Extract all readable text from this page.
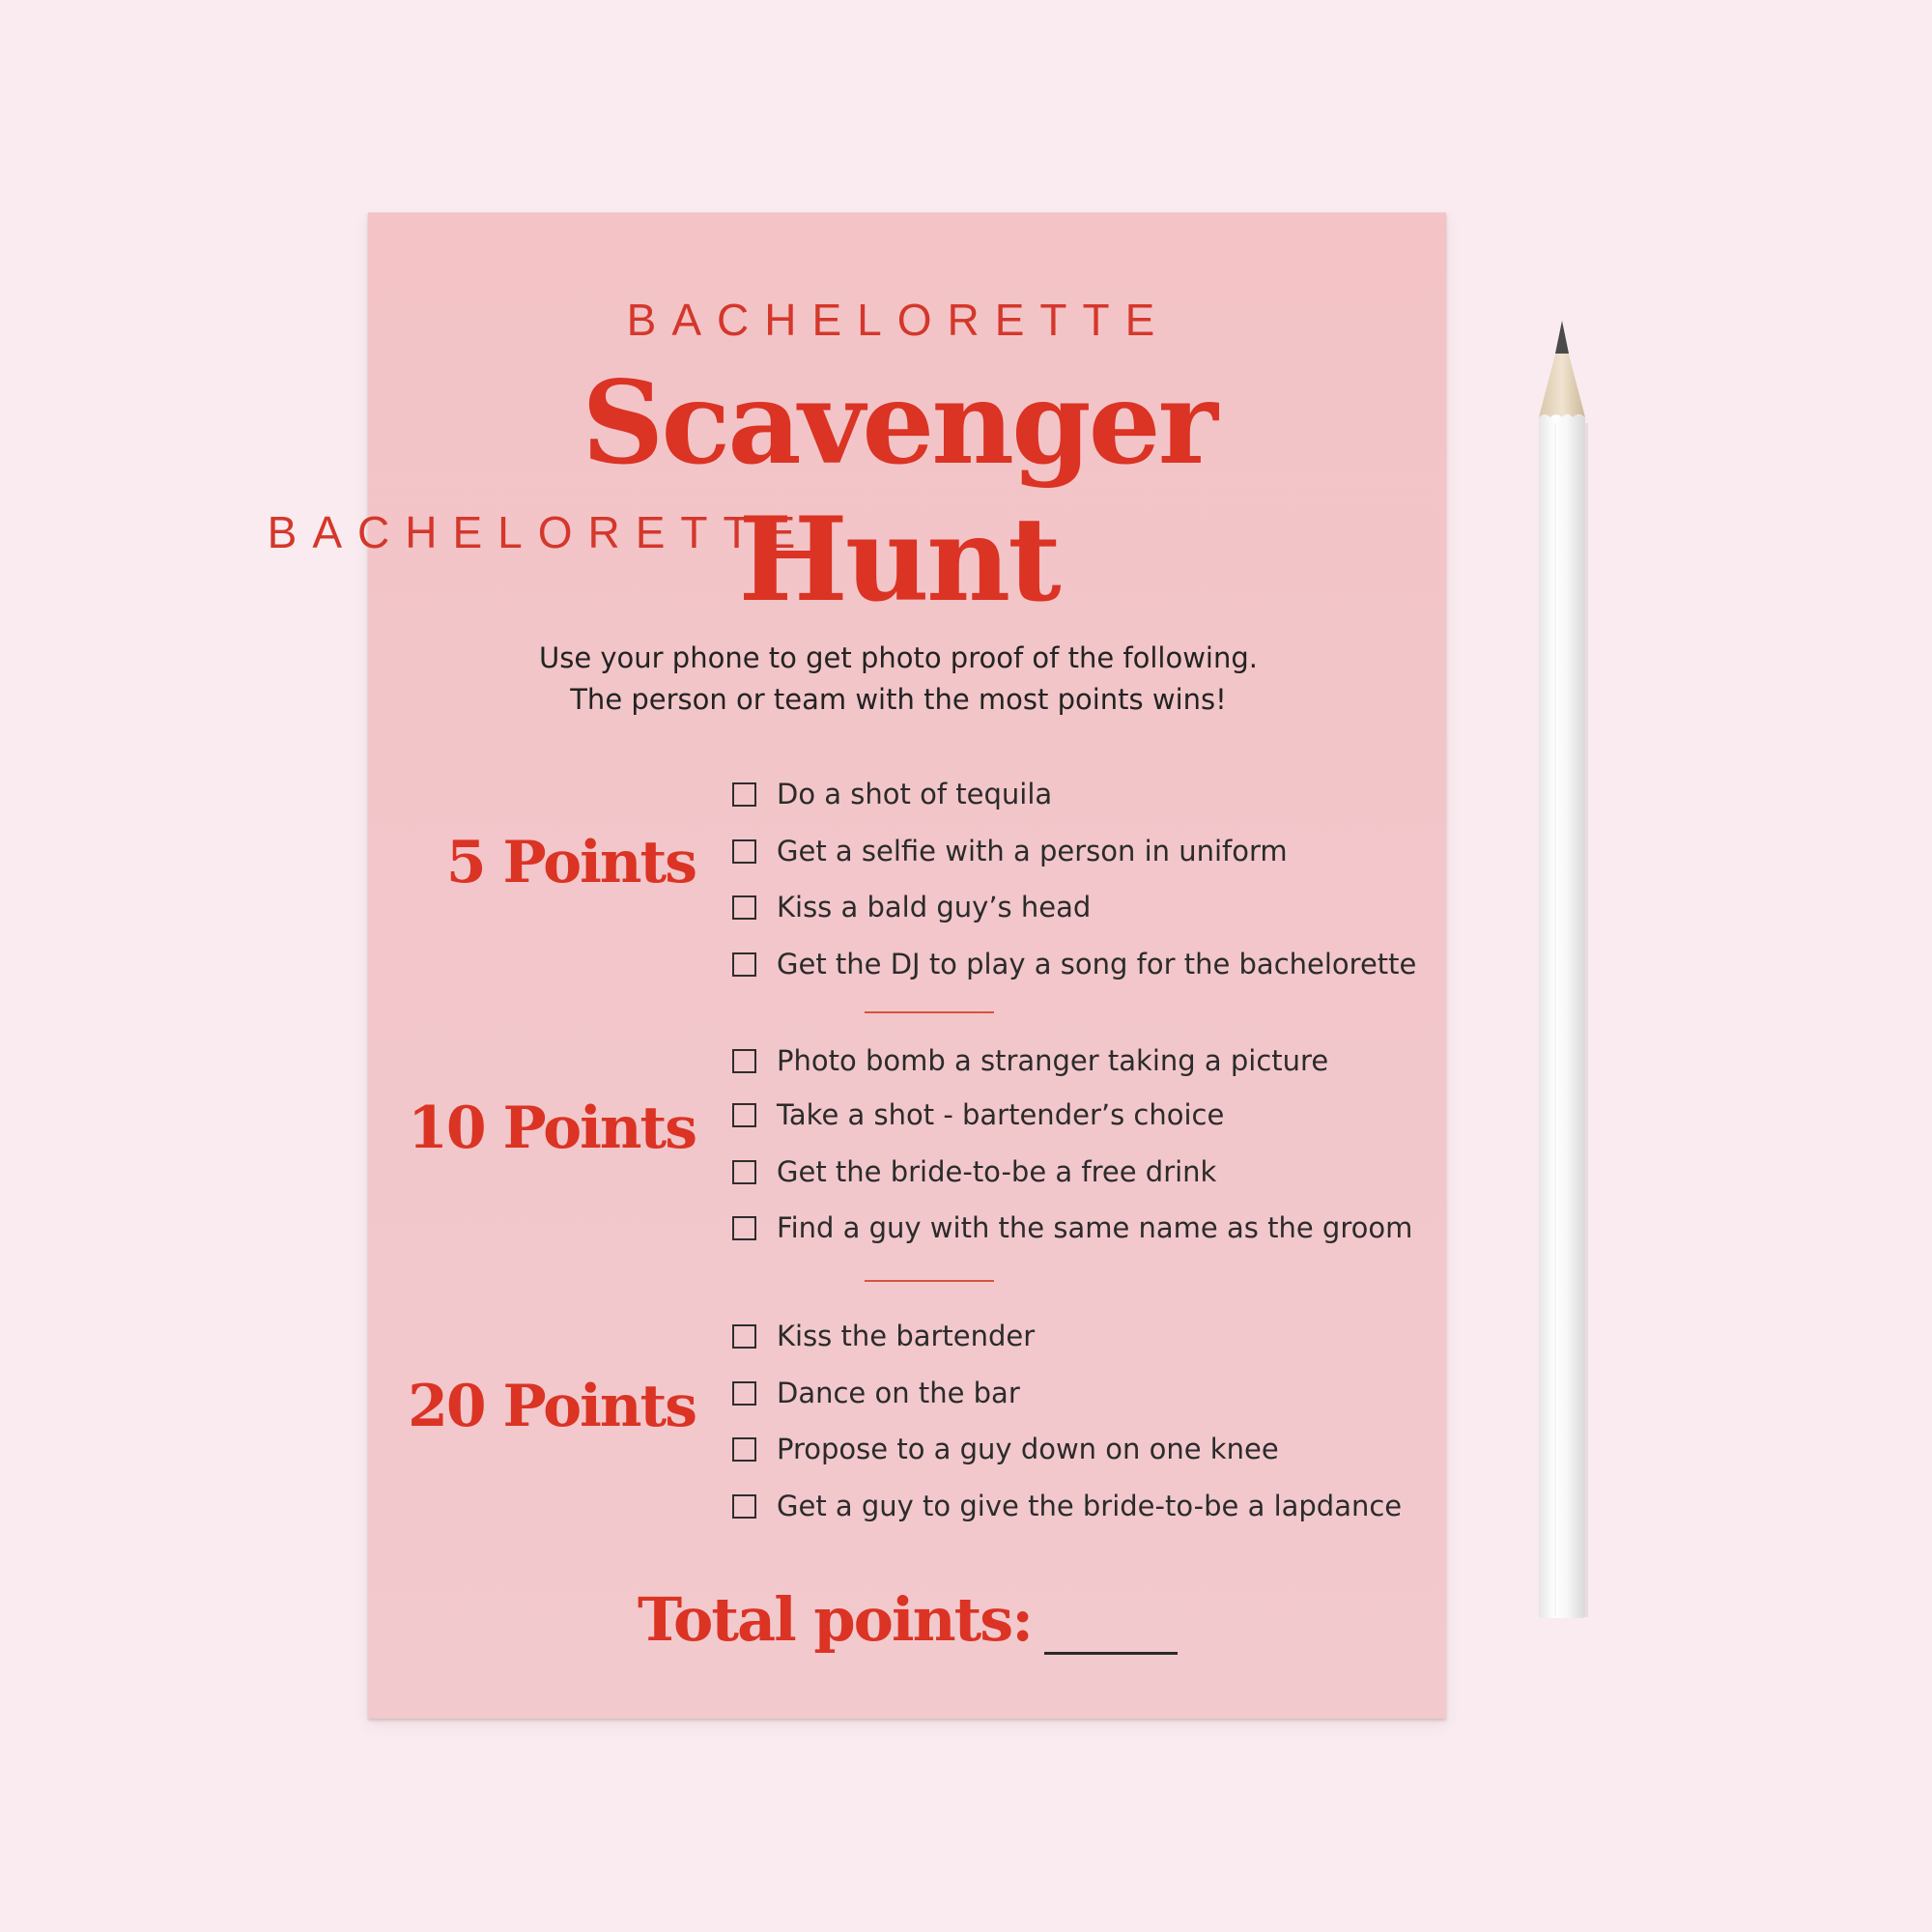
BACHELORETTE
BACHELORETTE
Scavenger
Hunt
Use your phone to get photo proof of the following.
The person or team with the most points wins!
5 Points
Do a shot of tequila
Get a selfie with a person in uniform
Kiss a bald guy’s head
Get the DJ to play a song for the bachelorette
10 Points
Photo bomb a stranger taking a picture
Take a shot - bartender’s choice
Get the bride-to-be a free drink
Find a guy with the same name as the groom
20 Points
Kiss the bartender
Dance on the bar
Propose to a guy down on one knee
Get a guy to give the bride-to-be a lapdance
Total points:
